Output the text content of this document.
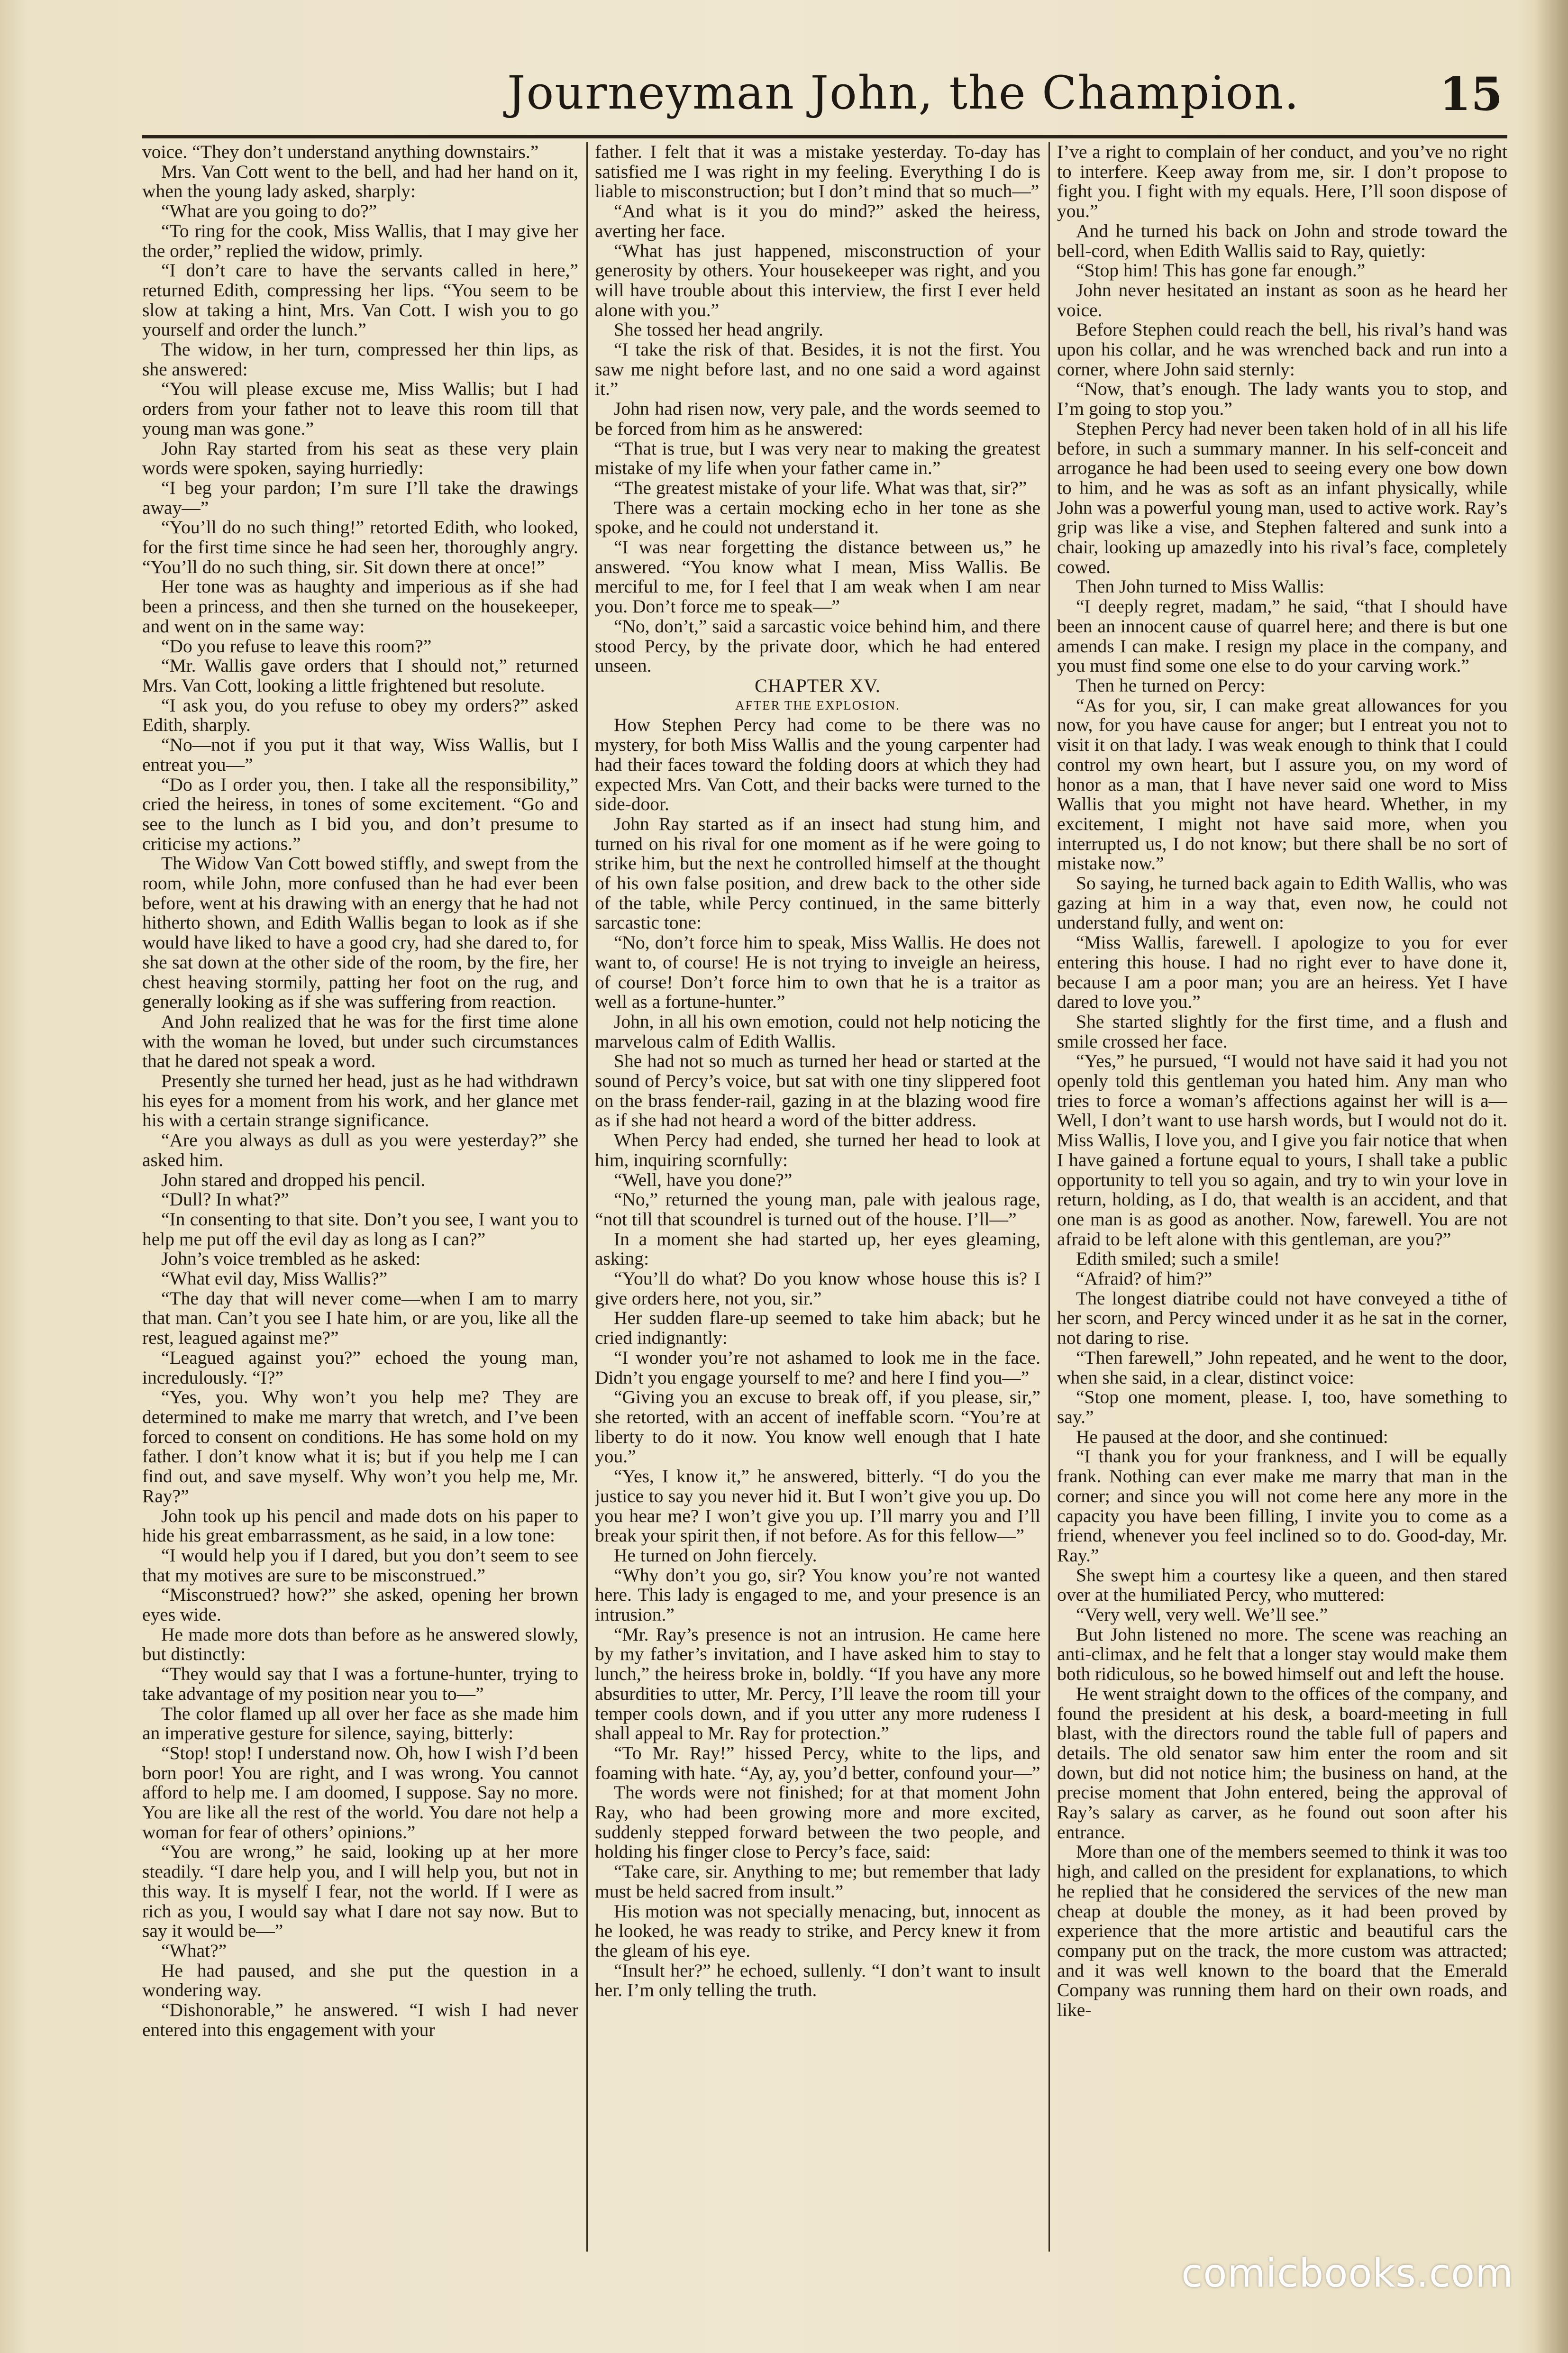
Journeyman John, the Champion.	15

voice. “They don’t understand anything downstairs.”

Mrs. Van Cott went to the bell, and had her hand on it, when the young lady asked, sharply:

“What are you going to do?”

“To ring for the cook, Miss Wallis, that I may give her the order,” replied the widow, primly.

“I don’t care to have the servants called in here,” returned Edith, compressing her lips. “You seem to be slow at taking a hint, Mrs. Van Cott. I wish you to go yourself and order the lunch.”

The widow, in her turn, compressed her thin lips, as she answered:

“You will please excuse me, Miss Wallis; but I had orders from your father not to leave this room till that young man was gone.”

John Ray started from his seat as these very plain words were spoken, saying hurriedly:

“I beg your pardon; I’m sure I’ll take the drawings away—”

“You’ll do no such thing!” retorted Edith, who looked, for the first time since he had seen her, thoroughly angry. “You’ll do no such thing, sir. Sit down there at once!”

Her tone was as haughty and imperious as if she had been a princess, and then she turned on the housekeeper, and went on in the same way:

“Do you refuse to leave this room?”

“Mr. Wallis gave orders that I should not,” returned Mrs. Van Cott, looking a little frightened but resolute.

“I ask you, do you refuse to obey my orders?” asked Edith, sharply.

“No—not if you put it that way, Wiss Wallis, but I entreat you—”

“Do as I order you, then. I take all the responsibility,” cried the heiress, in tones of some excitement. “Go and see to the lunch as I bid you, and don’t presume to criticise my actions.”

The Widow Van Cott bowed stiffly, and swept from the room, while John, more confused than he had ever been before, went at his drawing with an energy that he had not hitherto shown, and Edith Wallis began to look as if she would have liked to have a good cry, had she dared to, for she sat down at the other side of the room, by the fire, her chest heaving stormily, patting her foot on the rug, and generally looking as if she was suffering from reaction.

And John realized that he was for the first time alone with the woman he loved, but under such circumstances that he dared not speak a word.

Presently she turned her head, just as he had withdrawn his eyes for a moment from his work, and her glance met his with a certain strange significance.

“Are you always as dull as you were yesterday?” she asked him.

John stared and dropped his pencil.

“Dull? In what?”

“In consenting to that site. Don’t you see, I want you to help me put off the evil day as long as I can?”

John’s voice trembled as he asked:

“What evil day, Miss Wallis?”

“The day that will never come—when I am to marry that man. Can’t you see I hate him, or are you, like all the rest, leagued against me?”

“Leagued against you?” echoed the young man, incredulously. “I?”

“Yes, you. Why won’t you help me? They are determined to make me marry that wretch, and I’ve been forced to consent on conditions. He has some hold on my father. I don’t know what it is; but if you help me I can find out, and save myself. Why won’t you help me, Mr. Ray?”

John took up his pencil and made dots on his paper to hide his great embarrassment, as he said, in a low tone:

“I would help you if I dared, but you don’t seem to see that my motives are sure to be misconstrued.”

“Misconstrued? how?” she asked, opening her brown eyes wide.

He made more dots than before as he answered slowly, but distinctly:

“They would say that I was a fortune-hunter, trying to take advantage of my position near you to—”

The color flamed up all over her face as she made him an imperative gesture for silence, saying, bitterly:

“Stop! stop! I understand now. Oh, how I wish I’d been born poor! You are right, and I was wrong. You cannot afford to help me. I am doomed, I suppose. Say no more. You are like all the rest of the world. You dare not help a woman for fear of others’ opinions.”

“You are wrong,” he said, looking up at her more steadily. “I dare help you, and I will help you, but not in this way. It is myself I fear, not the world. If I were as rich as you, I would say what I dare not say now. But to say it would be—”

“What?”

He had paused, and she put the question in a wondering way.

“Dishonorable,” he answered. “I wish I had never entered into this engagement with your

father. I felt that it was a mistake yesterday. To-day has satisfied me I was right in my feeling. Everything I do is liable to misconstruction; but I don’t mind that so much—”

“And what is it you do mind?” asked the heiress, averting her face.

“What has just happened, misconstruction of your generosity by others. Your housekeeper was right, and you will have trouble about this interview, the first I ever held alone with you.”

She tossed her head angrily.

“I take the risk of that. Besides, it is not the first. You saw me night before last, and no one said a word against it.”

John had risen now, very pale, and the words seemed to be forced from him as he answered:

“That is true, but I was very near to making the greatest mistake of my life when your father came in.”

“The greatest mistake of your life. What was that, sir?”

There was a certain mocking echo in her tone as she spoke, and he could not understand it.

“I was near forgetting the distance between us,” he answered. “You know what I mean, Miss Wallis. Be merciful to me, for I feel that I am weak when I am near you. Don’t force me to speak—”

“No, don’t,” said a sarcastic voice behind him, and there stood Percy, by the private door, which he had entered unseen.

CHAPTER XV.

AFTER THE EXPLOSION.

How Stephen Percy had come to be there was no mystery, for both Miss Wallis and the young carpenter had had their faces toward the folding doors at which they had expected Mrs. Van Cott, and their backs were turned to the side-door.

John Ray started as if an insect had stung him, and turned on his rival for one moment as if he were going to strike him, but the next he controlled himself at the thought of his own false position, and drew back to the other side of the table, while Percy continued, in the same bitterly sarcastic tone:

“No, don’t force him to speak, Miss Wallis. He does not want to, of course! He is not trying to inveigle an heiress, of course! Don’t force him to own that he is a traitor as well as a fortune-hunter.”

John, in all his own emotion, could not help noticing the marvelous calm of Edith Wallis.

She had not so much as turned her head or started at the sound of Percy’s voice, but sat with one tiny slippered foot on the brass fender-rail, gazing in at the blazing wood fire as if she had not heard a word of the bitter address.

When Percy had ended, she turned her head to look at him, inquiring scornfully:

“Well, have you done?”

“No,” returned the young man, pale with jealous rage, “not till that scoundrel is turned out of the house. I’ll—”

In a moment she had started up, her eyes gleaming, asking:

“You’ll do what? Do you know whose house this is? I give orders here, not you, sir.”

Her sudden flare-up seemed to take him aback; but he cried indignantly:

“I wonder you’re not ashamed to look me in the face. Didn’t you engage yourself to me? and here I find you—”

“Giving you an excuse to break off, if you please, sir,” she retorted, with an accent of ineffable scorn. “You’re at liberty to do it now. You know well enough that I hate you.”

“Yes, I know it,” he answered, bitterly. “I do you the justice to say you never hid it. But I won’t give you up. Do you hear me? I won’t give you up. I’ll marry you and I’ll break your spirit then, if not before. As for this fellow—”

He turned on John fiercely.

“Why don’t you go, sir? You know you’re not wanted here. This lady is engaged to me, and your presence is an intrusion.”

“Mr. Ray’s presence is not an intrusion. He came here by my father’s invitation, and I have asked him to stay to lunch,” the heiress broke in, boldly. “If you have any more absurdities to utter, Mr. Percy, I’ll leave the room till your temper cools down, and if you utter any more rudeness I shall appeal to Mr. Ray for protection.”

“To Mr. Ray!” hissed Percy, white to the lips, and foaming with hate. “Ay, ay, you’d better, confound your—”

The words were not finished; for at that moment John Ray, who had been growing more and more excited, suddenly stepped forward between the two people, and holding his finger close to Percy’s face, said:

“Take care, sir. Anything to me; but remember that lady must be held sacred from insult.”

His motion was not specially menacing, but, innocent as he looked, he was ready to strike, and Percy knew it from the gleam of his eye.

“Insult her?” he echoed, sullenly. “I don’t want to insult her. I’m only telling the truth.

I’ve a right to complain of her conduct, and you’ve no right to interfere. Keep away from me, sir. I don’t propose to fight you. I fight with my equals. Here, I’ll soon dispose of you.”

And he turned his back on John and strode toward the bell-cord, when Edith Wallis said to Ray, quietly:

“Stop him! This has gone far enough.”

John never hesitated an instant as soon as he heard her voice.

Before Stephen could reach the bell, his rival’s hand was upon his collar, and he was wrenched back and run into a corner, where John said sternly:

“Now, that’s enough. The lady wants you to stop, and I’m going to stop you.”

Stephen Percy had never been taken hold of in all his life before, in such a summary manner. In his self-conceit and arrogance he had been used to seeing every one bow down to him, and he was as soft as an infant physically, while John was a powerful young man, used to active work. Ray’s grip was like a vise, and Stephen faltered and sunk into a chair, looking up amazedly into his rival’s face, completely cowed.

Then John turned to Miss Wallis:

“I deeply regret, madam,” he said, “that I should have been an innocent cause of quarrel here; and there is but one amends I can make. I resign my place in the company, and you must find some one else to do your carving work.”

Then he turned on Percy:

“As for you, sir, I can make great allowances for you now, for you have cause for anger; but I entreat you not to visit it on that lady. I was weak enough to think that I could control my own heart, but I assure you, on my word of honor as a man, that I have never said one word to Miss Wallis that you might not have heard. Whether, in my excitement, I might not have said more, when you interrupted us, I do not know; but there shall be no sort of mistake now.”

So saying, he turned back again to Edith Wallis, who was gazing at him in a way that, even now, he could not understand fully, and went on:

“Miss Wallis, farewell. I apologize to you for ever entering this house. I had no right ever to have done it, because I am a poor man; you are an heiress. Yet I have dared to love you.”

She started slightly for the first time, and a flush and smile crossed her face.

“Yes,” he pursued, “I would not have said it had you not openly told this gentleman you hated him. Any man who tries to force a woman’s affections against her will is a— Well, I don’t want to use harsh words, but I would not do it. Miss Wallis, I love you, and I give you fair notice that when I have gained a fortune equal to yours, I shall take a public opportunity to tell you so again, and try to win your love in return, holding, as I do, that wealth is an accident, and that one man is as good as another. Now, farewell. You are not afraid to be left alone with this gentleman, are you?”

Edith smiled; such a smile!

“Afraid? of him?”

The longest diatribe could not have conveyed a tithe of her scorn, and Percy winced under it as he sat in the corner, not daring to rise.

“Then farewell,” John repeated, and he went to the door, when she said, in a clear, distinct voice:

“Stop one moment, please. I, too, have something to say.”

He paused at the door, and she continued:

“I thank you for your frankness, and I will be equally frank. Nothing can ever make me marry that man in the corner; and since you will not come here any more in the capacity you have been filling, I invite you to come as a friend, whenever you feel inclined so to do. Good-day, Mr. Ray.”

She swept him a courtesy like a queen, and then stared over at the humiliated Percy, who muttered:

“Very well, very well. We’ll see.”

But John listened no more. The scene was reaching an anti-climax, and he felt that a longer stay would make them both ridiculous, so he bowed himself out and left the house.

He went straight down to the offices of the company, and found the president at his desk, a board-meeting in full blast, with the directors round the table full of papers and details. The old senator saw him enter the room and sit down, but did not notice him; the business on hand, at the precise moment that John entered, being the approval of Ray’s salary as carver, as he found out soon after his entrance.

More than one of the members seemed to think it was too high, and called on the president for explanations, to which he replied that he considered the services of the new man cheap at double the money, as it had been proved by experience that the more artistic and beautiful cars the company put on the track, the more custom was attracted; and it was well known to the board that the Emerald Company was running them hard on their own roads, and like-

comicbooks.com
